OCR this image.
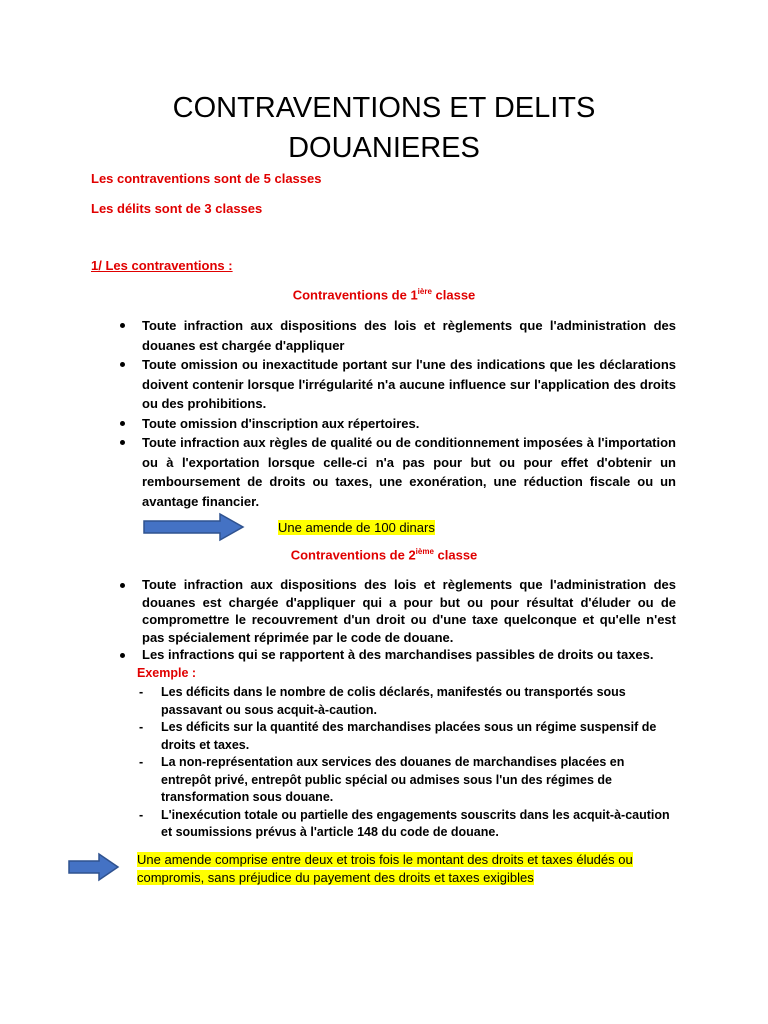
CONTRAVENTIONS ET DELITS
DOUANIERES
Les contraventions sont de 5 classes
Les délits sont de 3 classes
1/ Les contraventions :
Contraventions de $1^{ière}$ classe
Toute infraction aux dispositions des lois et règlements que l'administration des douanes est chargée d'appliquer
Toute omission ou inexactitude portant sur l'une des indications que les déclarations doivent contenir lorsque l'irrégularité n'a aucune influence sur l'application des droits ou des prohibitions.
Toute omission d'inscription aux répertoires.
Toute infraction aux règles de qualité ou de conditionnement imposées à l'importation ou à l'exportation lorsque celle-ci n'a pas pour but ou pour effet d'obtenir un remboursement de droits ou taxes, une exonération, une réduction fiscale ou un avantage financier.
Une amende de 100 dinars
Contraventions de 2ième classe
Toute infraction aux dispositions des lois et règlements que l'administration des douanes est chargée d'appliquer qui a pour but ou pour résultat d'éluder ou de compromettre le recouvrement d'un droit ou d'une taxe quelconque et qu'elle n'est pas spécialement réprimée par le code de douane.
Les infractions qui se rapportent à des marchandises passibles de droits ou taxes.
Exemple :
- Les déficits dans le nombre de colis déclarés, manifestés ou transportés sous passavant ou sous acquit-à-caution.
- Les déficits sur la quantité des marchandises placées sous un régime suspensif de droits et taxes.
- La non-représentation aux services des douanes de marchandises placées en entrepôt privé, entrepôt public spécial ou admises sous l'un des régimes de transformation sous douane.
- L'inexécution totale ou partielle des engagements souscrits dans les acquit-à-caution et soumissions prévus à l'article 148 du code de douane.
Une amende comprise entre deux et trois fois le montant des droits et taxes éludés ou compromis, sans préjudice du payement des droits et taxes exigibles
